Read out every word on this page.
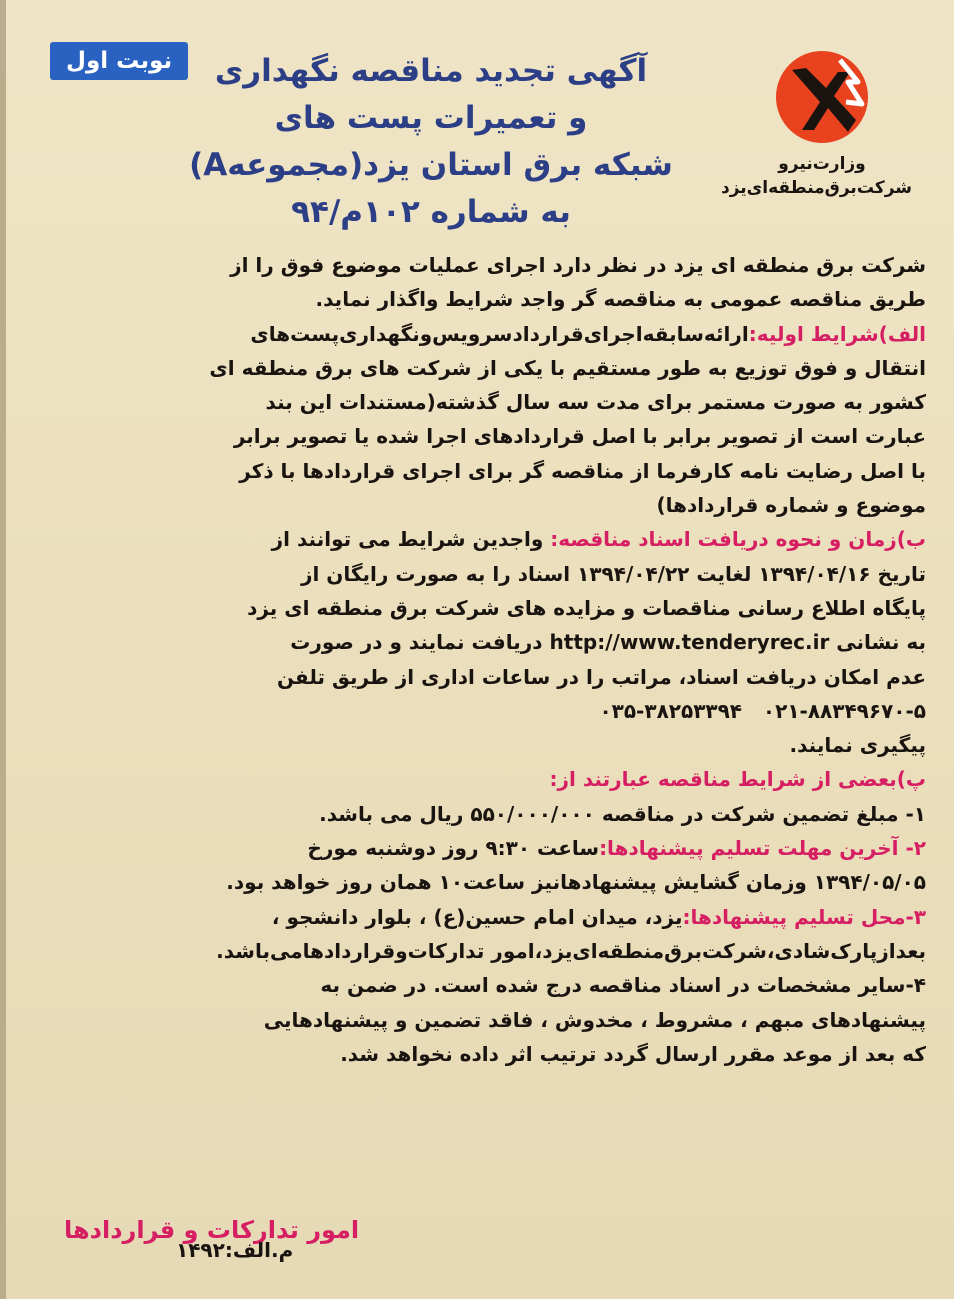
نوبت اول	آگهی تجدید مناقصه نگهداری
و تعمیرات پست های
شبکه برق استان یزد(مجموعهA)
به شماره ۱۰۲م/۹۴
وزارت‌نیرو
شرکت‌برق‌منطقه‌ای‌یزد
شرکت برق منطقه ای یزد در نظر دارد اجرای عملیات موضوع فوق را از
طریق مناقصه عمومی به مناقصه گر واجد شرایط واگذار نماید.
الف)شرایط اولیه:ارائه‌سابقه‌اجرای‌قرارداد‌سرویس‌ونگهداری‌پست‌های
انتقال و فوق توزیع به طور مستقیم با یکی از شرکت های برق منطقه ای
کشور به صورت مستمر برای مدت سه سال گذشته(مستندات این بند
عبارت است از تصویر برابر با اصل قراردادهای اجرا شده یا تصویر برابر
با اصل رضایت نامه کارفرما از مناقصه گر برای اجرای قراردادها با ذکر
موضوع و شماره قراردادها)
ب)زمان و نحوه دریافت اسناد مناقصه: واجدین شرایط می توانند از
تاریخ ۱۳۹۴/۰۴/۱۶ لغایت ۱۳۹۴/۰۴/۲۲ اسناد را به صورت رایگان از
پایگاه اطلاع رسانی مناقصات و مزایده های شرکت برق منطقه ای یزد
به نشانی http://www.tenderyrec.ir دریافت نمایند و در صورت
عدم امکان دریافت اسناد، مراتب را در ساعات اداری از طریق تلفن
۰۳۵-۳۸۲۵۳۳۹۴ ۰۲۱-۸۸۳۴۹۶۷۰-۵
پیگیری نمایند.
پ)بعضی از شرایط مناقصه عبارتند از:
۱- مبلغ تضمین شرکت در مناقصه ۵۵۰/۰۰۰/۰۰۰ ریال می باشد.
۲- آخرین مهلت تسلیم پیشنهادها:ساعت ۹:۳۰ روز دوشنبه مورخ
۱۳۹۴/۰۵/۰۵ وزمان گشایش پیشنهادهانیز ساعت۱۰ همان روز خواهد بود.
۳-محل تسلیم پیشنهادها:یزد، میدان امام حسین(ع) ، بلوار دانشجو ،
بعداز‌پارک‌شادی،شرکت‌برق‌منطقه‌ای‌یزد،امور تدارکات‌وقراردادهامی‌باشد.
۴-سایر مشخصات در اسناد مناقصه درج شده است. در ضمن به
پیشنهادهای مبهم ، مشروط ، مخدوش ، فاقد تضمین و پیشنهادهایی
که بعد از موعد مقرر ارسال گردد ترتیب اثر داده نخواهد شد.
امور تدارکات و قراردادها
م.الف:۱۴۹۲
